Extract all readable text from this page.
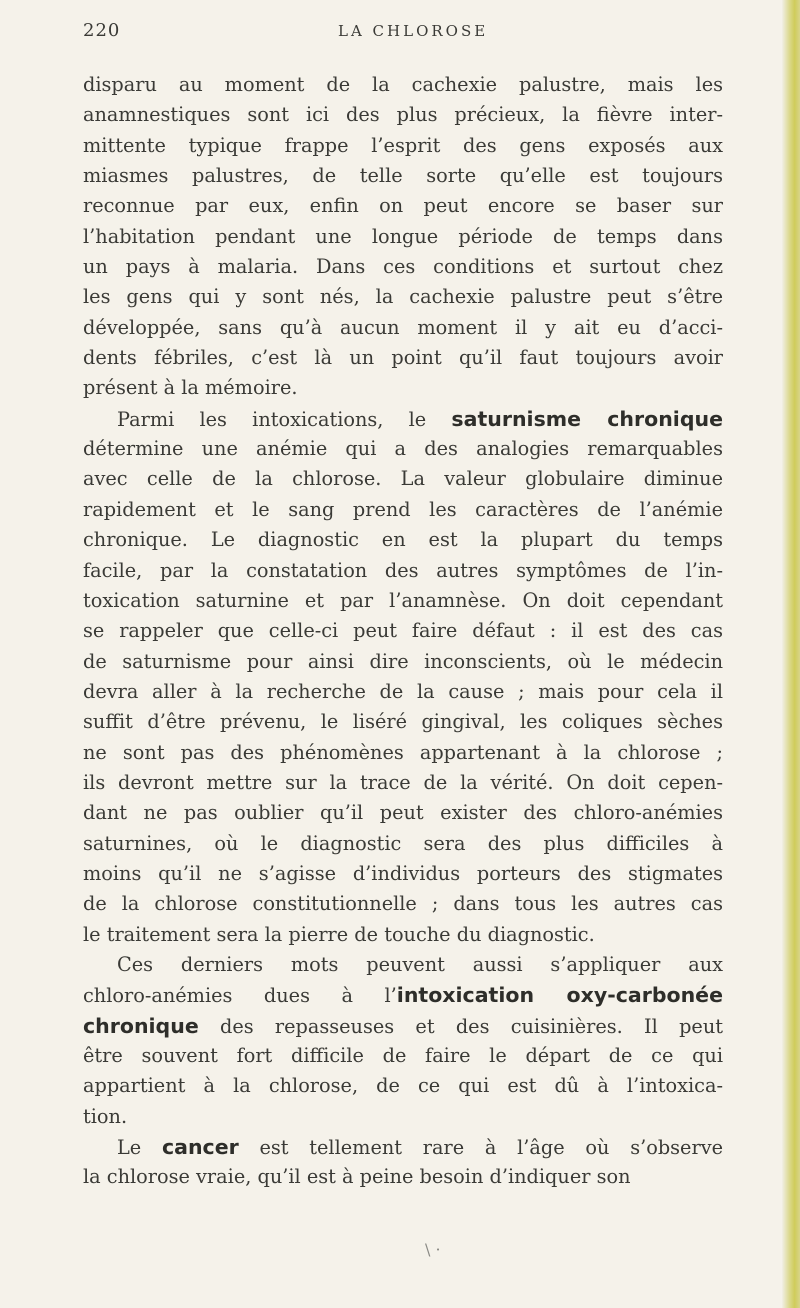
220	LA CHLOROSE
disparu au moment de la cachexie palustre, mais les
anamnestiques sont ici des plus précieux, la fièvre inter-
mittente typique frappe l’esprit des gens exposés aux
miasmes palustres, de telle sorte qu’elle est toujours
reconnue par eux, enfin on peut encore se baser sur
l’habitation pendant une longue période de temps dans
un pays à malaria. Dans ces conditions et surtout chez
les gens qui y sont nés, la cachexie palustre peut s’être
développée, sans qu’à aucun moment il y ait eu d’acci-
dents fébriles, c’est là un point qu’il faut toujours avoir
présent à la mémoire.
Parmi les intoxications, le saturnisme chronique
détermine une anémie qui a des analogies remarquables
avec celle de la chlorose. La valeur globulaire diminue
rapidement et le sang prend les caractères de l’anémie
chronique. Le diagnostic en est la plupart du temps
facile, par la constatation des autres symptômes de l’in-
toxication saturnine et par l’anamnèse. On doit cependant
se rappeler que celle-ci peut faire défaut : il est des cas
de saturnisme pour ainsi dire inconscients, où le médecin
devra aller à la recherche de la cause ; mais pour cela il
suffit d’être prévenu, le liséré gingival, les coliques sèches
ne sont pas des phénomènes appartenant à la chlorose ;
ils devront mettre sur la trace de la vérité. On doit cepen-
dant ne pas oublier qu’il peut exister des chloro-anémies
saturnines, où le diagnostic sera des plus difficiles à
moins qu’il ne s’agisse d’individus porteurs des stigmates
de la chlorose constitutionnelle ; dans tous les autres cas
le traitement sera la pierre de touche du diagnostic.
Ces derniers mots peuvent aussi s’appliquer aux
chloro-anémies dues à l’intoxication oxy-carbonée
chronique des repasseuses et des cuisinières. Il peut
être souvent fort difficile de faire le départ de ce qui
appartient à la chlorose, de ce qui est dû à l’intoxica-
tion.
Le cancer est tellement rare à l’âge où s’observe
la chlorose vraie, qu’il est à peine besoin d’indiquer son
\ ·
